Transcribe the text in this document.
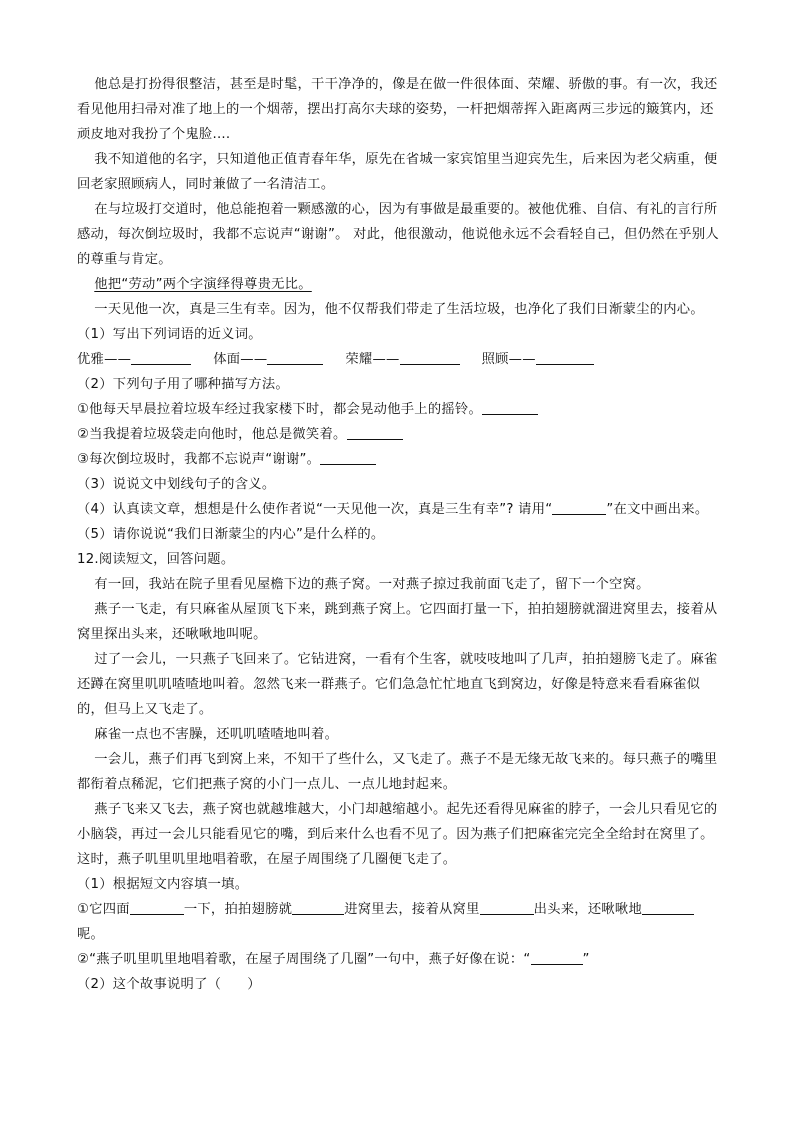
他总是打扮得很整洁，甚至是时髦，干干净净的，像是在做一件很体面、荣耀、骄傲的事。有一次，我还看见他用扫帚对准了地上的一个烟蒂，摆出打高尔夫球的姿势，一杆把烟蒂挥入距离两三步远的簸箕内，还顽皮地对我扮了个鬼脸....

我不知道他的名字，只知道他正值青春年华，原先在省城一家宾馆里当迎宾先生，后来因为老父病重，便回老家照顾病人，同时兼做了一名清洁工。

在与垃圾打交道时，他总能抱着一颗感激的心，因为有事做是最重要的。被他优雅、自信、有礼的言行所感动，每次倒垃圾时，我都不忘说声“谢谢”。 对此，他很激动，他说他永远不会看轻自己，但仍然在乎别人的尊重与肯定。

他把“劳动”两个字演绎得尊贵无比。

一天见他一次，真是三生有幸。因为，他不仅帮我们带走了生活垃圾，也净化了我们日渐蒙尘的内心。

（1）写出下列词语的近义词。

优雅——	体面——	荣耀——	照顾——

（2）下列句子用了哪种描写方法。

①他每天早晨拉着垃圾车经过我家楼下时，都会晃动他手上的摇铃。

②当我提着垃圾袋走向他时，他总是微笑着。

③每次倒垃圾时，我都不忘说声“谢谢”。

（3）说说文中划线句子的含义。

（4）认真读文章，想想是什么使作者说“一天见他一次，真是三生有幸”? 请用“	”在文中画出来。

（5）请你说说“我们日渐蒙尘的内心”是什么样的。

12.阅读短文，回答问题。

有一回，我站在院子里看见屋檐下边的燕子窝。一对燕子掠过我前面飞走了，留下一个空窝。

燕子一飞走，有只麻雀从屋顶飞下来，跳到燕子窝上。它四面打量一下，拍拍翅膀就溜进窝里去，接着从窝里探出头来，还啾啾地叫呢。

过了一会儿，一只燕子飞回来了。它钻进窝，一看有个生客，就吱吱地叫了几声，拍拍翅膀飞走了。麻雀还蹲在窝里叽叽喳喳地叫着。忽然飞来一群燕子。它们急急忙忙地直飞到窝边，好像是特意来看看麻雀似的，但马上又飞走了。

麻雀一点也不害臊，还叽叽喳喳地叫着。

一会儿，燕子们再飞到窝上来，不知干了些什么，又飞走了。燕子不是无缘无故飞来的。每只燕子的嘴里都衔着点稀泥，它们把燕子窝的小门一点儿、一点儿地封起来。

燕子飞来又飞去，燕子窝也就越堆越大，小门却越缩越小。起先还看得见麻雀的脖子，一会儿只看见它的小脑袋，再过一会儿只能看见它的嘴，到后来什么也看不见了。因为燕子们把麻雀完完全全给封在窝里了。这时，燕子叽里叽里地唱着歌，在屋子周围绕了几圈便飞走了。

（1）根据短文内容填一填。

①它四面	一下，拍拍翅膀就	进窝里去，接着从窝里	出头来，还啾啾地
呢。

②“燕子叽里叽里地唱着歌，在屋子周围绕了几圈”一句中，燕子好像在说：“	”

（2）这个故事说明了（ ）
